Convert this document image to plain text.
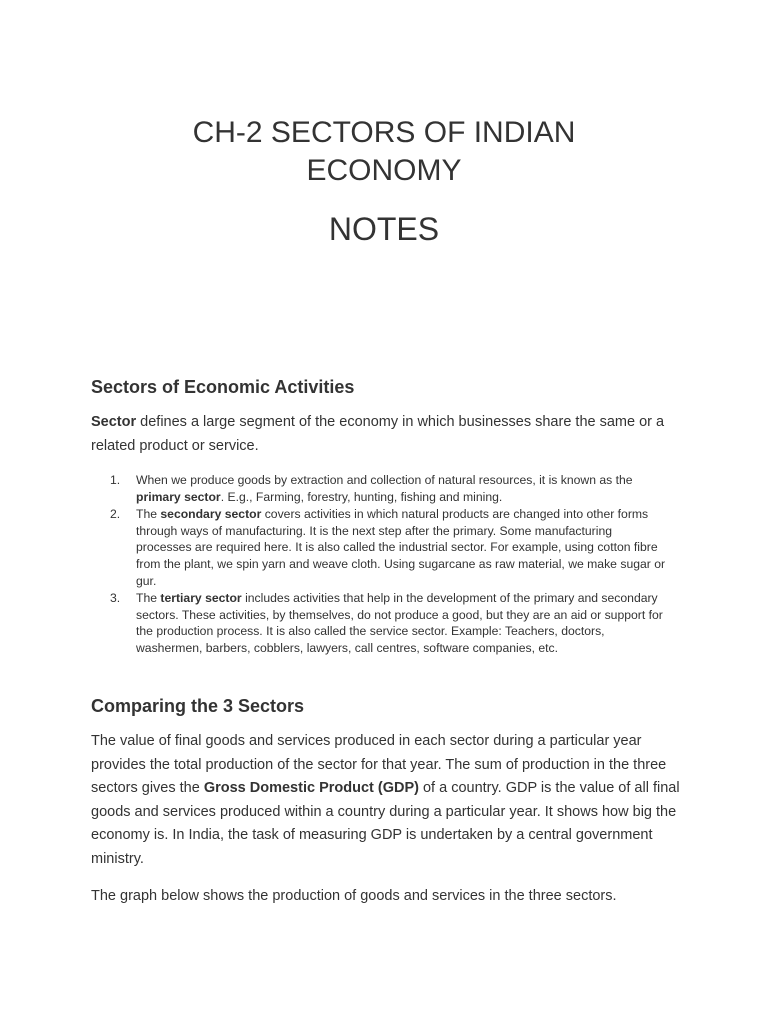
CH-2 SECTORS OF INDIAN
ECONOMY
NOTES
Sectors of Economic Activities

Sector defines a large segment of the economy in which businesses share the same or a related product or service.

1. When we produce goods by extraction and collection of natural resources, it is known as the primary sector. E.g., Farming, forestry, hunting, fishing and mining.
2. The secondary sector covers activities in which natural products are changed into other forms through ways of manufacturing. It is the next step after the primary. Some manufacturing processes are required here. It is also called the industrial sector. For example, using cotton fibre from the plant, we spin yarn and weave cloth. Using sugarcane as raw material, we make sugar or gur.
3. The tertiary sector includes activities that help in the development of the primary and secondary sectors. These activities, by themselves, do not produce a good, but they are an aid or support for the production process. It is also called the service sector. Example: Teachers, doctors, washermen, barbers, cobblers, lawyers, call centres, software companies, etc.
Comparing the 3 Sectors

The value of final goods and services produced in each sector during a particular year provides the total production of the sector for that year. The sum of production in the three sectors gives the Gross Domestic Product (GDP) of a country. GDP is the value of all final goods and services produced within a country during a particular year. It shows how big the economy is. In India, the task of measuring GDP is undertaken by a central government ministry.

The graph below shows the production of goods and services in the three sectors.
